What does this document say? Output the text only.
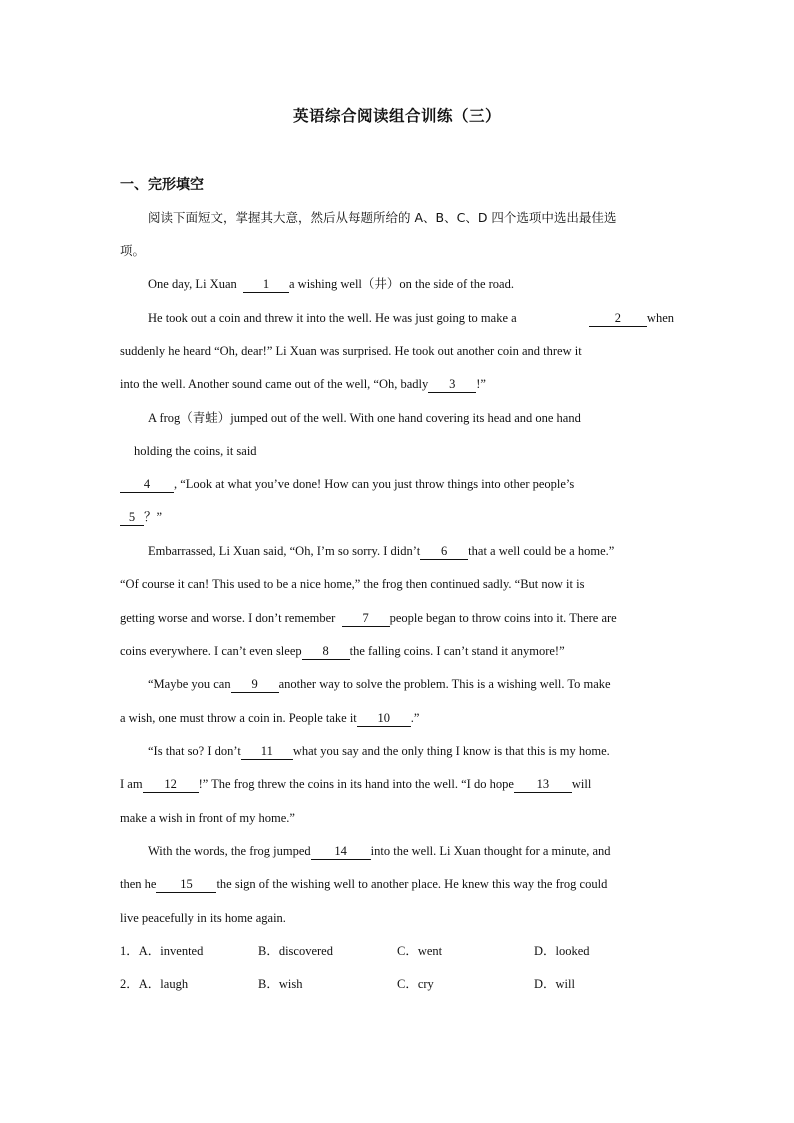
英语综合阅读组合训练（三）
一、完形填空
阅读下面短文，掌握其大意，然后从每题所给的 A、B、C、D 四个选项中选出最佳选
项。
One day, Li Xuan 1 a wishing well（井）on the side of the road.
He took out a coin and threw it into the well. He was just going to make a	2 when
suddenly he heard “Oh, dear!” Li Xuan was surprised. He took out another coin and threw it
into the well. Another sound came out of the well, “Oh, badly 3 !”
A frog（青蛙）jumped out of the well. With one hand covering its head and one hand
holding the coins, it said
4 , “Look at what you’ve done! How can you just throw things into other people’s
5 ？”
Embarrassed, Li Xuan said, “Oh, I’m so sorry. I didn’t 6 that a well could be a home.”
“Of course it can! This used to be a nice home,” the frog then continued sadly. “But now it is
getting worse and worse. I don’t remember 7 people began to throw coins into it. There are
coins everywhere. I can’t even sleep 8 the falling coins. I can’t stand it anymore!”
“Maybe you can 9 another way to solve the problem. This is a wishing well. To make
a wish, one must throw a coin in. People take it 10 .”
“Is that so? I don’t 11 what you say and the only thing I know is that this is my home.
I am 12 !” The frog threw the coins in its hand into the well. “I do hope 13 will
make a wish in front of my home.”
With the words, the frog jumped 14 into the well. Li Xuan thought for a minute, and
then he 15 the sign of the wishing well to another place. He knew this way the frog could
live peacefully in its home again.
1．A．invented	B．discovered	C．went	D．looked
2．A．laugh	B．wish	C．cry	D．will
